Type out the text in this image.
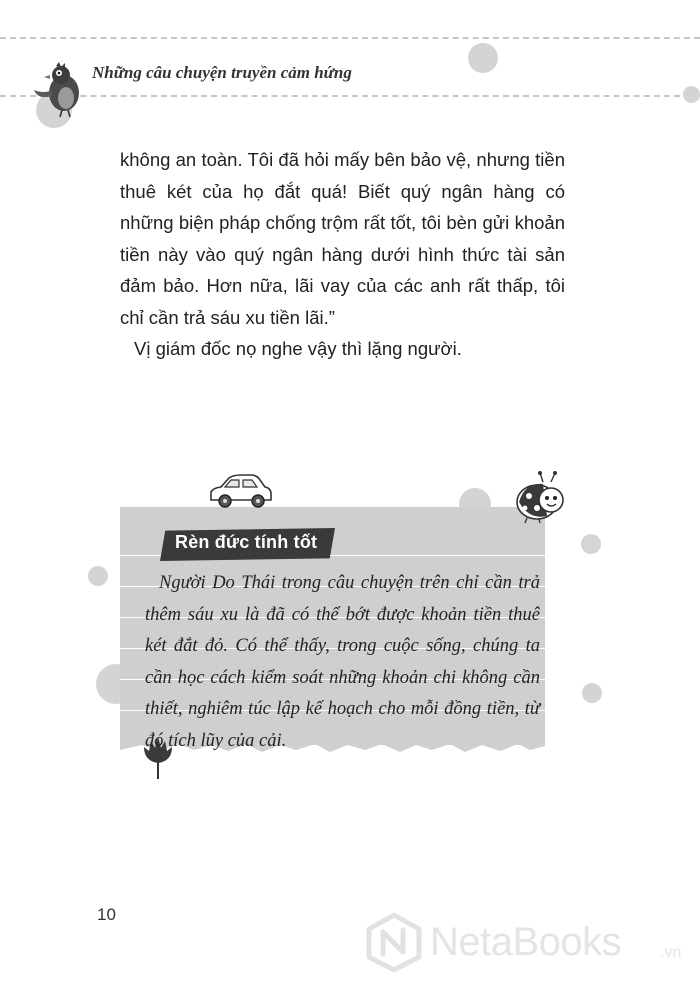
Những câu chuyện truyền cảm hứng

không an toàn. Tôi đã hỏi mấy bên bảo vệ, nhưng tiền thuê két của họ đắt quá! Biết quý ngân hàng có những biện pháp chống trộm rất tốt, tôi bèn gửi khoản tiền này vào quý ngân hàng dưới hình thức tài sản đảm bảo. Hơn nữa, lãi vay của các anh rất thấp, tôi chỉ cần trả sáu xu tiền lãi.”

Vị giám đốc nọ nghe vậy thì lặng người.

Rèn đức tính tốt
Người Do Thái trong câu chuyện trên chỉ cần trả thêm sáu xu là đã có thể bớt được khoản tiền thuê két đắt đỏ. Có thể thấy, trong cuộc sống, chúng ta cần học cách kiểm soát những khoản chi không cần thiết, nghiêm túc lập kế hoạch cho mỗi đồng tiền, từ đó tích lũy của cải.
10
NetaBooks .vn
